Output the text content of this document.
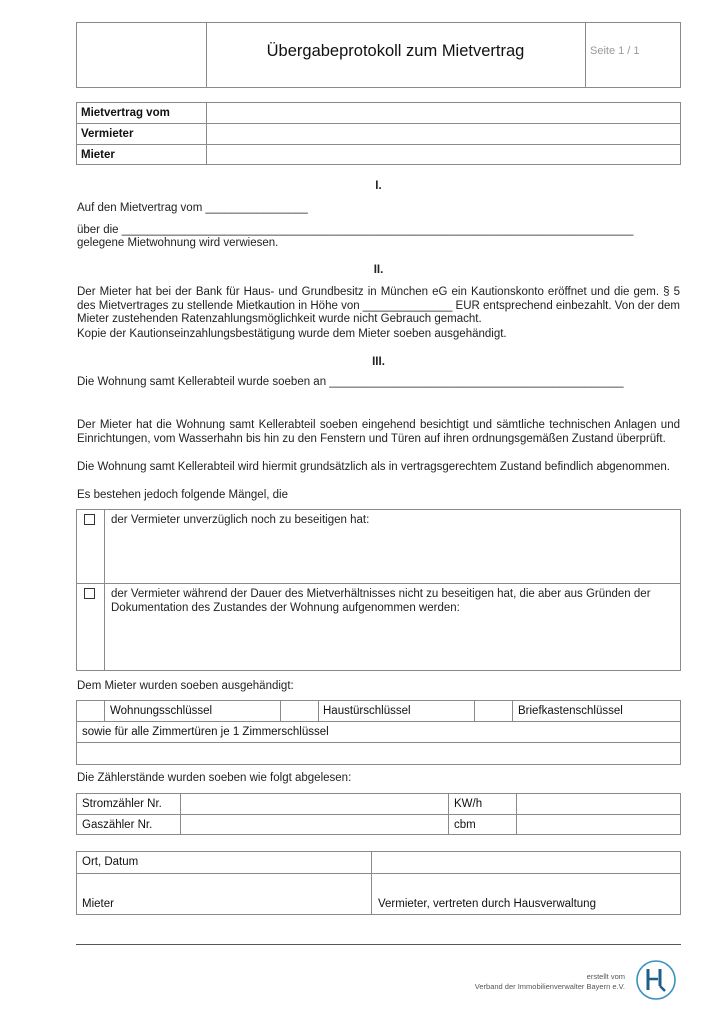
Übergabeprotokoll zum Mietvertrag	Seite 1 / 1
Mietvertrag vom
Vermieter
Mieter
I.
Auf den Mietvertrag vom ________________
über die ________________________________________________________________________________
gelegene Mietwohnung wird verwiesen.
II.
Der Mieter hat bei der Bank für Haus- und Grundbesitz in München eG ein Kautionskonto eröffnet und die gem. § 5 des Mietvertrages zu stellende Mietkaution in Höhe von ______________ EUR entsprechend einbezahlt. Von der dem Mieter zustehenden Ratenzahlungsmöglichkeit wurde nicht Gebrauch gemacht.
Kopie der Kautionseinzahlungsbestätigung wurde dem Mieter soeben ausgehändigt.
III.
Die Wohnung samt Kellerabteil wurde soeben an ______________________________________________
Der Mieter hat die Wohnung samt Kellerabteil soeben eingehend besichtigt und sämtliche technischen Anlagen und Einrichtungen, vom Wasserhahn bis hin zu den Fenstern und Türen auf ihren ordnungsgemäßen Zustand überprüft.
Die Wohnung samt Kellerabteil wird hiermit grundsätzlich als in vertragsgerechtem Zustand befindlich abgenommen.
Es bestehen jedoch folgende Mängel, die
der Vermieter unverzüglich noch zu beseitigen hat:
der Vermieter während der Dauer des Mietverhältnisses nicht zu beseitigen hat, die aber aus Gründen der Dokumentation des Zustandes der Wohnung aufgenommen werden:
Dem Mieter wurden soeben ausgehändigt:
Wohnungsschlüssel	Haustürschlüssel	Briefkastenschlüssel
sowie für alle Zimmertüren je 1 Zimmerschlüssel
Die Zählerstände wurden soeben wie folgt abgelesen:
Stromzähler Nr.	KW/h
Gaszähler Nr.	cbm
Ort, Datum
Mieter	Vermieter, vertreten durch Hausverwaltung
erstellt vom
Verband der Immobilienverwalter Bayern e.V.
